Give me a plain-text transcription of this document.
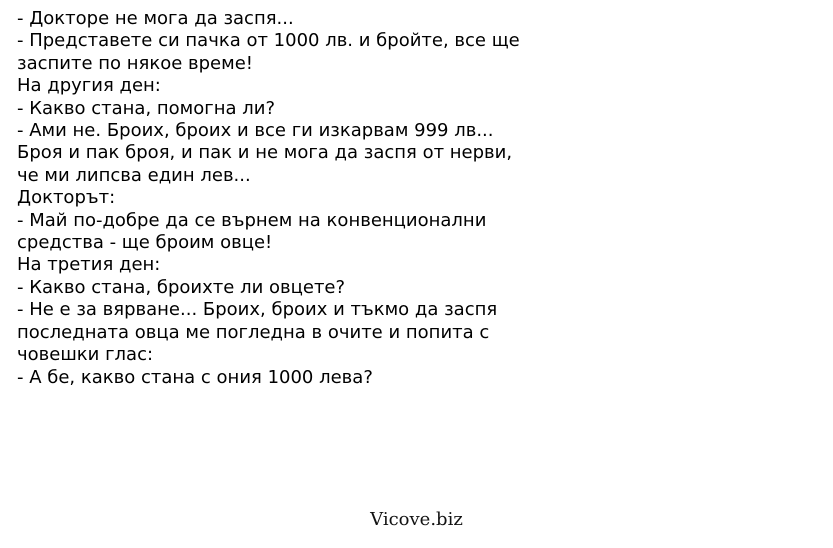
- Докторе не мога да заспя...
- Представете си пачка от 1000 лв. и бройте, все ще
заспите по някое време!
На другия ден:
- Какво стана, помогна ли?
- Ами не. Броих, броих и все ги изкарвам 999 лв...
Броя и пак броя, и пак и не мога да заспя от нерви,
че ми липсва един лев...
Докторът:
- Май по-добре да се върнем на конвенционални
средства - ще броим овце!
На третия ден:
- Какво стана, броихте ли овцете?
- Не е за вярване... Броих, броих и тъкмо да заспя
последната овца ме погледна в очите и попита с
човешки глас:
- А бе, какво стана с ония 1000 лева?
Vicove.biz
